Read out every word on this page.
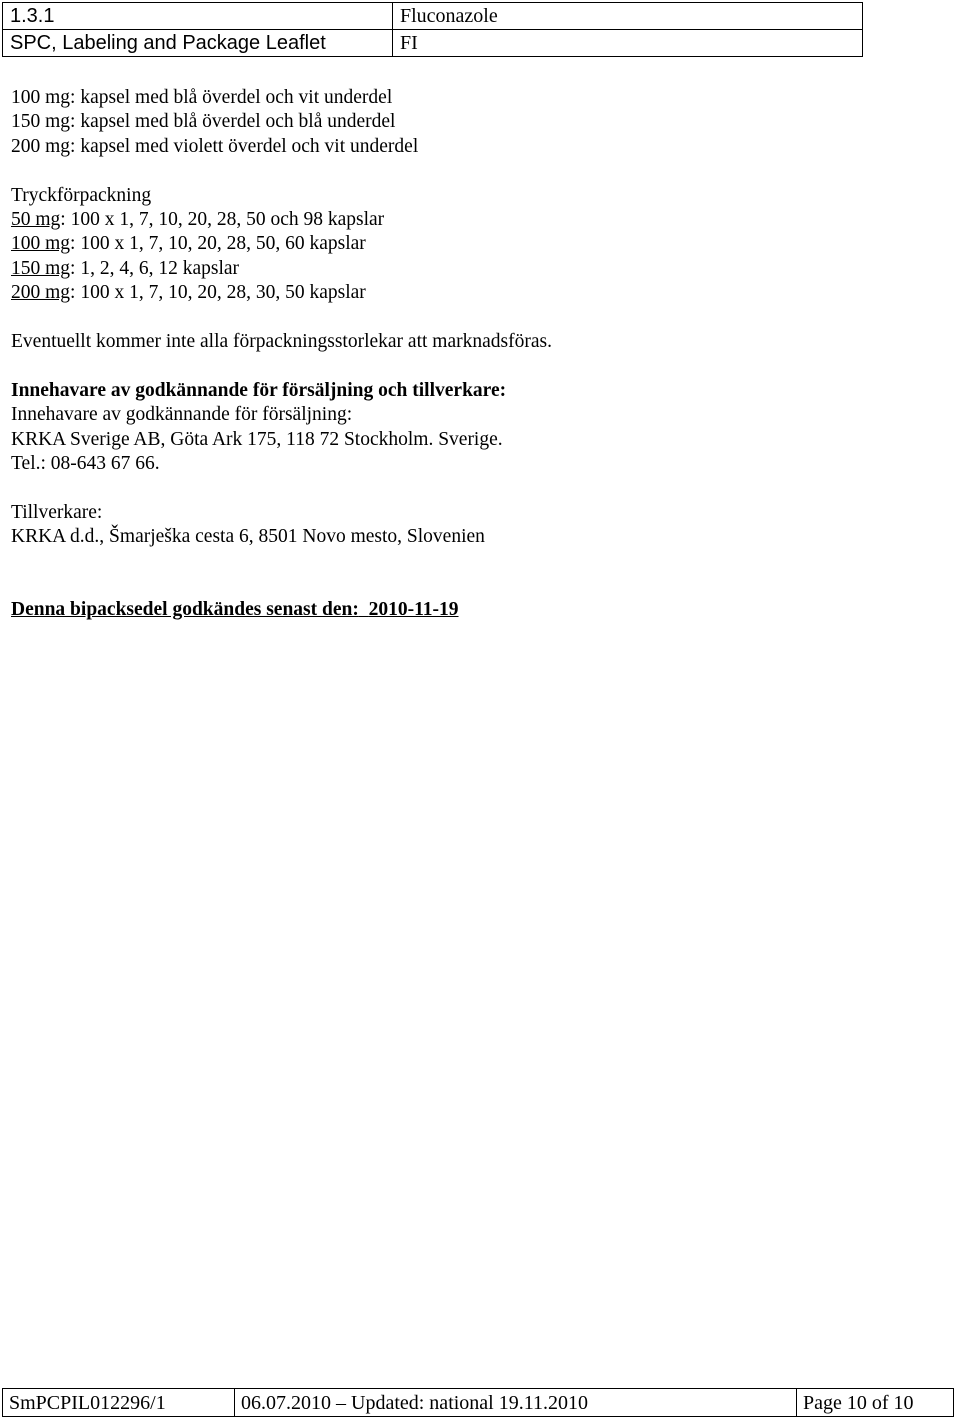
1.3.1	Fluconazole
SPC, Labeling and Package Leaflet	FI

100 mg: kapsel med blå överdel och vit underdel

150 mg: kapsel med blå överdel och blå underdel

200 mg: kapsel med violett överdel och vit underdel

Tryckförpackning

50 mg: 100 x 1, 7, 10, 20, 28, 50 och 98 kapslar

100 mg: 100 x 1, 7, 10, 20, 28, 50, 60 kapslar

150 mg: 1, 2, 4, 6, 12 kapslar

200 mg: 100 x 1, 7, 10, 20, 28, 30, 50 kapslar

Eventuellt kommer inte alla förpackningsstorlekar att marknadsföras.

Innehavare av godkännande för försäljning och tillverkare:

Innehavare av godkännande för försäljning:

KRKA Sverige AB, Göta Ark 175, 118 72 Stockholm. Sverige.

Tel.: 08-643 67 66.

Tillverkare:

KRKA d.d., Šmarješka cesta 6, 8501 Novo mesto, Slovenien

Denna bipacksedel godkändes senast den: 2010-11-19

SmPCPIL012296/1	06.07.2010 – Updated: national 19.11.2010	Page 10 of 10
